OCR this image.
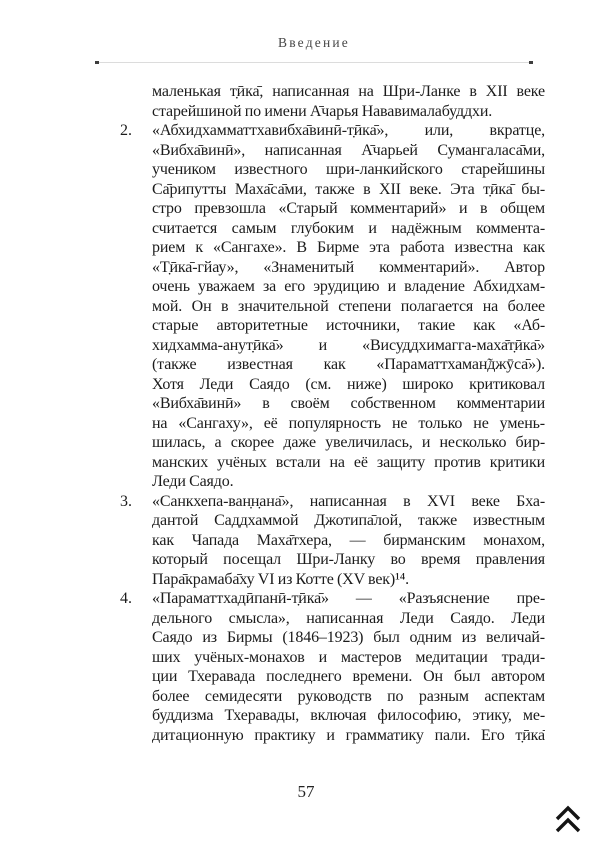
Введение
маленькая т̣ӣка̄, написанная на Шри-Ланке в XII веке
старейшиной по имени А̄чарья Нававималабуддхи.
2. «Абхидхамматтхавибха̄винӣ-т̣ӣка̄», или, вкратце,
«Вибха̄винӣ», написанная А̄чарьей Сумангаласа̄ми,
учеником известного шри-ланкийского старейшины
Са̄рипутты Маха̄са̄ми, также в XII веке. Эта т̣ӣка̄ бы-
стро превзошла «Старый комментарий» и в общем
считается самым глубоким и надёжным коммента-
рием к «Сангахе». В Бирме эта работа известна как
«Т̣ӣка̄-гйау», «Знаменитый комментарий». Автор
очень уважаем за его эрудицию и владение Абхидхам-
мой. Он в значительной степени полагается на более
старые авторитетные источники, такие как «Аб-
хидхамма-анут̣ӣка̄» и «Висуддхимагга-маха̄т̣ӣка̄»
(также известная как «Параматтхаман̃джӯса̄»).
Хотя Леди Саядо (см. ниже) широко критиковал
«Вибха̄винӣ» в своём собственном комментарии
на «Сангаху», её популярность не только не умень-
шилась, а скорее даже увеличилась, и несколько бир-
манских учёных встали на её защиту против критики
Леди Саядо.
3. «Санкхепа-ван̣н̣ана̄», написанная в XVI веке Бха-
дантой Саддхаммой Джотипа̄лой, также известным
как Чапада Маха̄тхера, — бирманским монахом,
который посещал Шри-Ланку во время правления
Пара̄крамаба̄ху VI из Котте (XV век)¹⁴.
4. «Параматтхадӣпанӣ-т̣ӣка̄» — «Разъяснение пре-
дельного смысла», написанная Леди Саядо. Леди
Саядо из Бирмы (1846–1923) был одним из величай-
ших учёных-монахов и мастеров медитации тради-
ции Тхеравада последнего времени. Он был автором
более семидесяти руководств по разным аспектам
буддизма Тхеравады, включая философию, этику, ме-
дитационную практику и грамматику пали. Его т̣ӣка̄
57
